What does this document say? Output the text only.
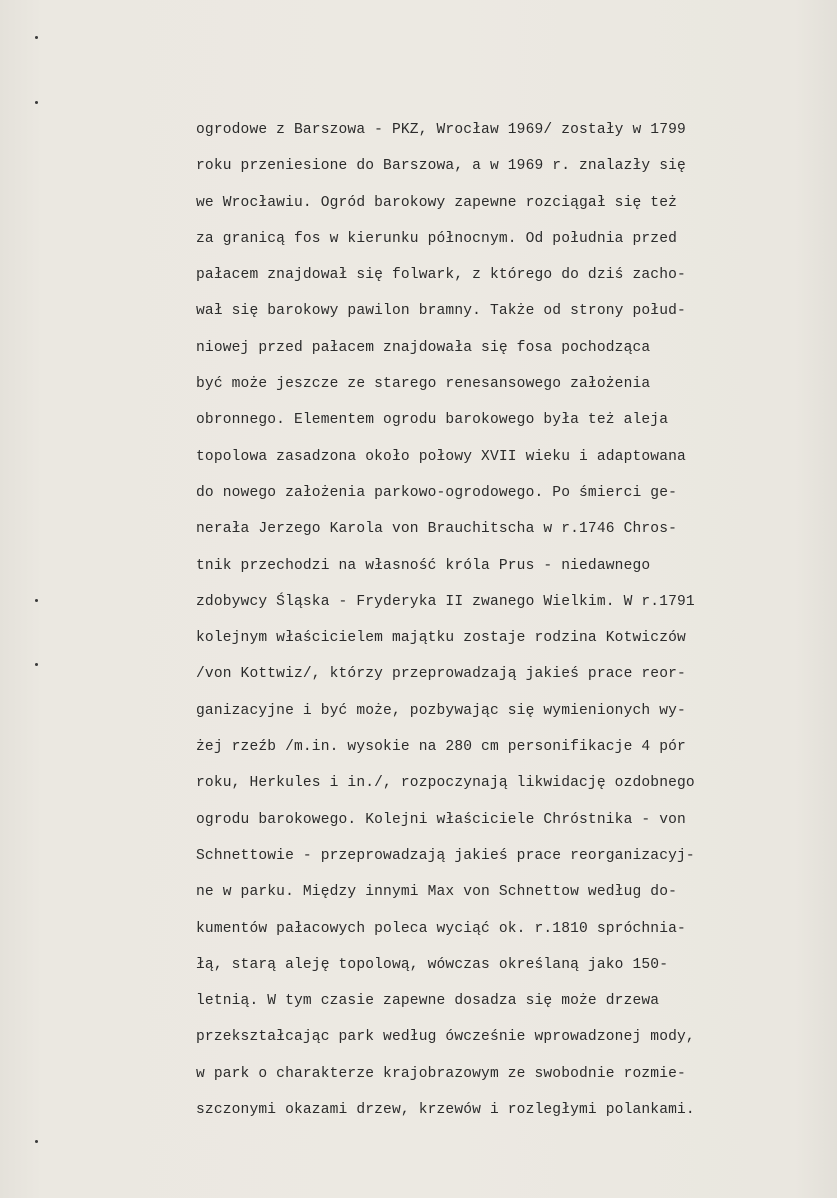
ogrodowe z Barszowa - PKZ, Wrocław 1969/ zostały w 1799
roku przeniesione do Barszowa, a w 1969 r. znalazły się
we Wrocławiu. Ogród barokowy zapewne rozciągał się też
za granicą fos w kierunku północnym. Od południa przed
pałacem znajdował się folwark, z którego do dziś zacho-
wał się barokowy pawilon bramny. Także od strony połud-
niowej przed pałacem znajdowała się fosa pochodząca
być może jeszcze ze starego renesansowego założenia
obronnego. Elementem ogrodu barokowego była też aleja
topolowa zasadzona około połowy XVII wieku i adaptowana
do nowego założenia parkowo-ogrodowego. Po śmierci ge-
nerała Jerzego Karola von Brauchitscha w r.1746 Chros-
tnik przechodzi na własność króla Prus - niedawnego
zdobywcy Śląska - Fryderyka II zwanego Wielkim. W r.1791
kolejnym właścicielem majątku zostaje rodzina Kotwiczów
/von Kottwiz/, którzy przeprowadzają jakieś prace reor-
ganizacyjne i być może, pozbywając się wymienionych wy-
żej rzeźb /m.in. wysokie na 280 cm personifikacje 4 pór
roku, Herkules i in./, rozpoczynają likwidację ozdobnego
ogrodu barokowego. Kolejni właściciele Chróstnika - von
Schnettowie - przeprowadzają jakieś prace reorganizacyj-
ne w parku. Między innymi Max von Schnettow według do-
kumentów pałacowych poleca wyciąć ok. r.1810 spróchnia-
łą, starą aleję topolową, wówczas określaną jako 150-
letnią. W tym czasie zapewne dosadza się może drzewa
przekształcając park według ówcześnie wprowadzonej mody,
w park o charakterze krajobrazowym ze swobodnie rozmie-
szczonymi okazami drzew, krzewów i rozległymi polankami.
